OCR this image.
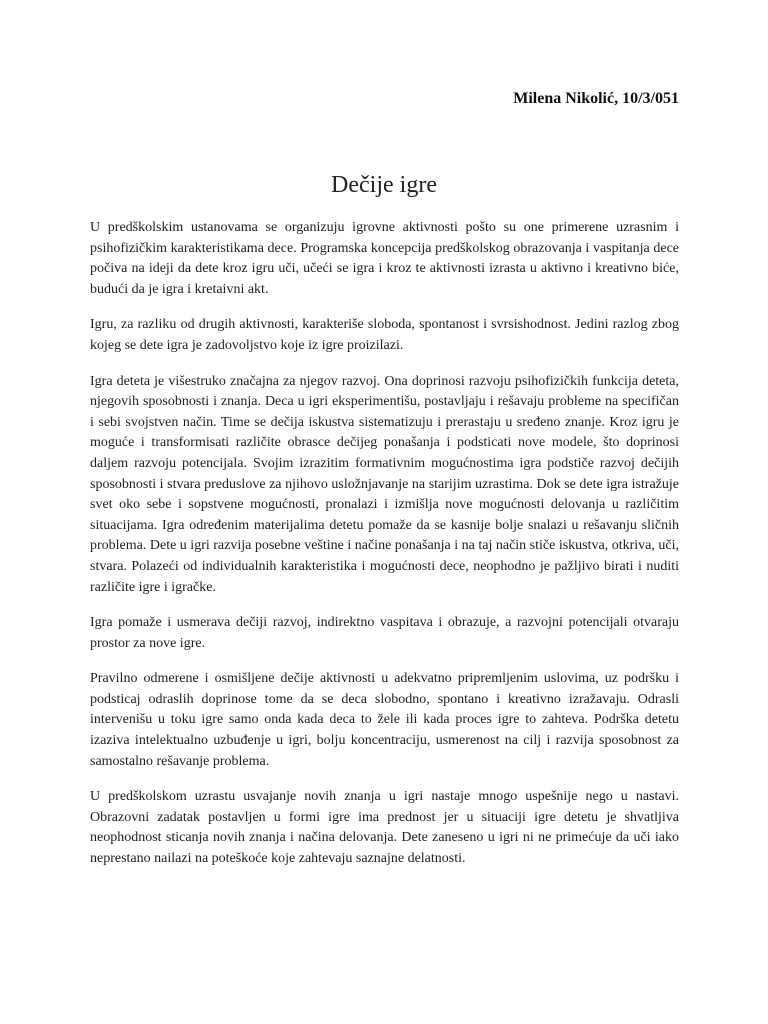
Milena Nikolić, 10/3/051
Dečije igre

U predškolskim ustanovama se organizuju igrovne aktivnosti pošto su one primerene uzrasnim i psihofizičkim karakteristikama dece. Programska koncepcija predškolskog obrazovanja i vaspitanja dece počiva na ideji da dete kroz igru uči, učeći se igra i kroz te aktivnosti izrasta u aktivno i kreativno biće, budući da je igra i kretaivni akt.

Igru, za razliku od drugih aktivnosti, karakteriše sloboda, spontanost i svrsishodnost. Jedini razlog zbog kojeg se dete igra je zadovoljstvo koje iz igre proizilazi.

Igra deteta je višestruko značajna za njegov razvoj. Ona doprinosi razvoju psihofizičkih funkcija deteta, njegovih sposobnosti i znanja. Deca u igri eksperimentišu, postavljaju i rešavaju probleme na specifičan i sebi svojstven način. Time se dečija iskustva sistematizuju i prerastaju u sređeno znanje. Kroz igru je moguće i transformisati različite obrasce dečijeg ponašanja i podsticati nove modele, što doprinosi daljem razvoju potencijala. Svojim izrazitim formativnim mogućnostima igra podstiče razvoj dečijih sposobnosti i stvara preduslove za njihovo usložnjavanje na starijim uzrastima. Dok se dete igra istražuje svet oko sebe i sopstvene mogućnosti, pronalazi i izmišlja nove mogućnosti delovanja u različitim situacijama. Igra određenim materijalima detetu pomaže da se kasnije bolje snalazi u rešavanju sličnih problema. Dete u igri razvija posebne veštine i načine ponašanja i na taj način stiče iskustva, otkriva, uči, stvara. Polazeći od individualnih karakteristika i mogućnosti dece, neophodno je pažljivo birati i nuditi različite igre i igračke.

Igra pomaže i usmerava dečiji razvoj, indirektno vaspitava i obrazuje, a razvojni potencijali otvaraju prostor za nove igre.

Pravilno odmerene i osmišljene dečije aktivnosti u adekvatno pripremljenim uslovima, uz podršku i podsticaj odraslih doprinose tome da se deca slobodno, spontano i kreativno izražavaju. Odrasli intervenišu u toku igre samo onda kada deca to žele ili kada proces igre to zahteva. Podrška detetu izaziva intelektualno uzbuđenje u igri, bolju koncentraciju, usmerenost na cilj i razvija sposobnost za samostalno rešavanje problema.

U predškolskom uzrastu usvajanje novih znanja u igri nastaje mnogo uspešnije nego u nastavi. Obrazovni zadatak postavljen u formi igre ima prednost jer u situaciji igre detetu je shvatljiva neophodnost sticanja novih znanja i načina delovanja. Dete zaneseno u igri ni ne primećuje da uči iako neprestano nailazi na poteškoće koje zahtevaju saznajne delatnosti.
